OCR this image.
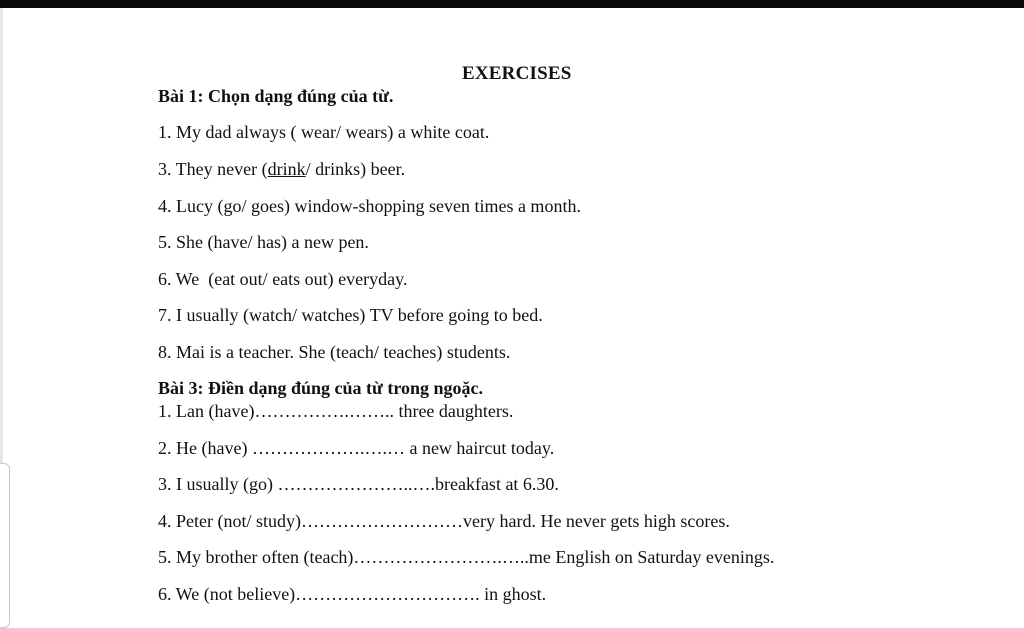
EXERCISES
Bài 1: Chọn dạng đúng của từ.
1. My dad always ( wear/ wears) a white coat.
3. They never (drink/ drinks) beer.
4. Lucy (go/ goes) window-shopping seven times a month.
5. She (have/ has) a new pen.
6. We  (eat out/ eats out) everyday.
7. I usually (watch/ watches) TV before going to bed.
8. Mai is a teacher. She (teach/ teaches) students.
Bài 3: Điền dạng đúng của từ trong ngoặc.
1. Lan (have)…………….…….. three daughters.
2. He (have) ……………….….… a new haircut today.
3. I usually (go) …………………..….breakfast at 6.30.
4. Peter (not/ study)………………………very hard. He never gets high scores.
5. My brother often (teach)…………………….…..me English on Saturday evenings.
6. We (not believe)…………………………. in ghost.
